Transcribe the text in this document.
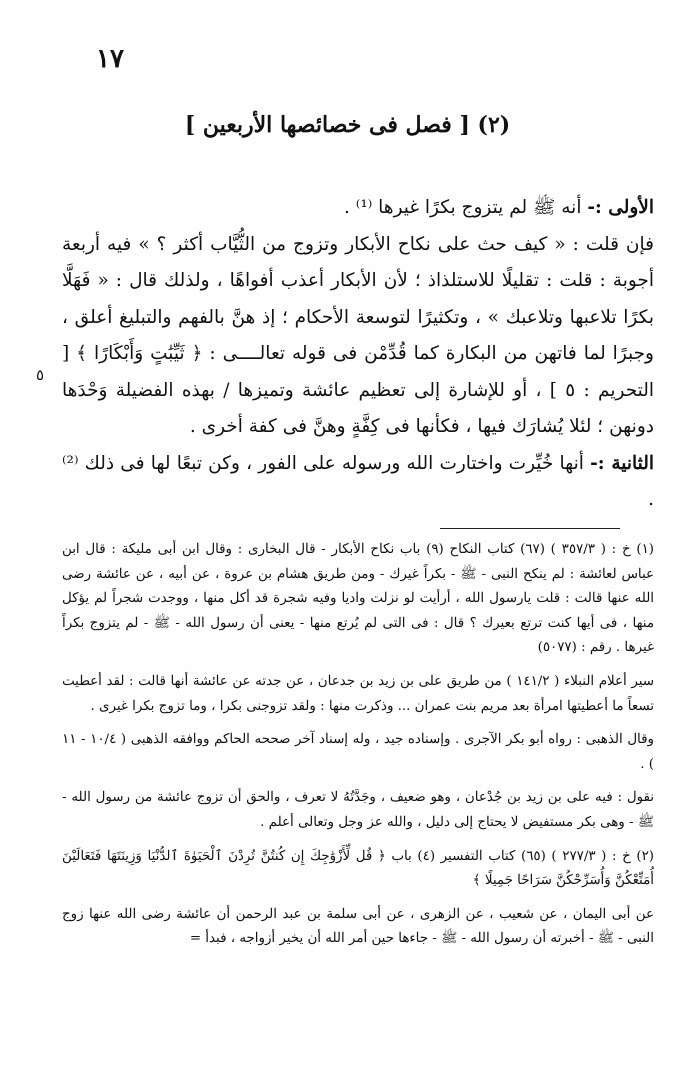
١٧
(٢) [ فصل فى خصائصها الأربعين ]

الأولى :- أنه ﷺ لم يتزوج بكرًا غيرها ⁽¹⁾ .

فإن قلت : « كيف حث على نكاح الأبكار وتزوج من الثُّيَّاب أكثر ؟ » فيه أربعة أجوبة : قلت : تقليلًا للاستلذاذ ؛ لأن الأبكار أعذب أفواهًا ، ولذلك قال : « فَهَلَّا بكرًا تلاعبها وتلاعبك » ، وتكثيرًا لتوسعة الأحكام ؛ إذ هنَّ بالفهم والتبليغ أعلق ، وجبرًا لما فاتهن من البكارة كما قُدِّمْن فى قوله تعالــــى : ﴿ ثَيِّبَٰتٍ وَأَبْكَارًا ﴾ [ التحريم : ٥ ] ، أو للإشارة إلى تعظيم عائشة وتميزها / بهذه الفضيلة وَحْدَها دونهن ؛ لئلا يُشارَك فيها ، فكأنها فى كِفَّةٍ وهنَّ فى كفة أخرى .

الثانية :- أنها خُيِّرت واختارت الله ورسوله على الفور ، وكن تبعًا لها فى ذلك ⁽²⁾ .

٥

(١) خ : ( ٣٥٧/٣ ) (٦٧) كتاب النكاح (٩) باب نكاح الأبكار - قال البخارى : وقال ابن أبى مليكة : قال ابن عباس لعائشة : لم ينكح النبى - ﷺ - بكراً غيرك - ومن طريق هشام بن عروة ، عن أبيه ، عن عائشة رضى الله عنها قالت : قلت يارسول الله ، أرأيت لو نزلت واديا وفيه شجرة قد أكل منها ، ووجدت شجراً لم يؤكل منها ، فى أيها كنت ترتع بعيرك ؟ قال : فى التى لم يُرتع منها - يعنى أن رسول الله - ﷺ - لم يتزوج بكراً غيرها . رقم : (٥٠٧٧)

سير أعلام النبلاء ( ١٤١/٢ ) من طريق على بن زيد بن جدعان ، عن جدته عن عائشة أنها قالت : لقد أعطيت تسعاً ما أعطيتها امرأة بعد مريم بنت عمران ... وذكرت منها : ولقد تزوجنى بكرا ، وما تزوج بكرا غيرى .

وقال الذهبى : رواه أبو بكر الآجرى . وإسناده جيد ، وله إسناد آخر صححه الحاكم ووافقه الذهبى ( ١٠/٤ - ١١ ) .

نقول : فيه على بن زيد بن جُدْعان ، وهو ضعيف ، وجَدَّتُهُ لا تعرف ، والحق أن تزوج عائشة من رسول الله - ﷺ - وهى بكر مستفيض لا يحتاج إلى دليل ، والله عز وجل وتعالى أعلم .

(٢) خ : ( ٢٧٧/٣ ) (٦٥) كتاب التفسير (٤) باب ﴿ قُل لِّأَزْوَٰجِكَ إِن كُنتُنَّ تُرِدْنَ ٱلْحَيَوٰةَ ٱلدُّنْيَا وَزِينَتَهَا فَتَعَالَيْنَ أُمَتِّعْكُنَّ وَأُسَرِّحْكُنَّ سَرَاحًا جَمِيلًا ﴾

عن أبى اليمان ، عن شعيب ، عن الزهرى ، عن أبى سلمة بن عبد الرحمن أن عائشة رضى الله عنها زوج النبى - ﷺ - أخبرته أن رسول الله - ﷺ - جاءها حين أمر الله أن يخير أزواجه ، فبدأ =
